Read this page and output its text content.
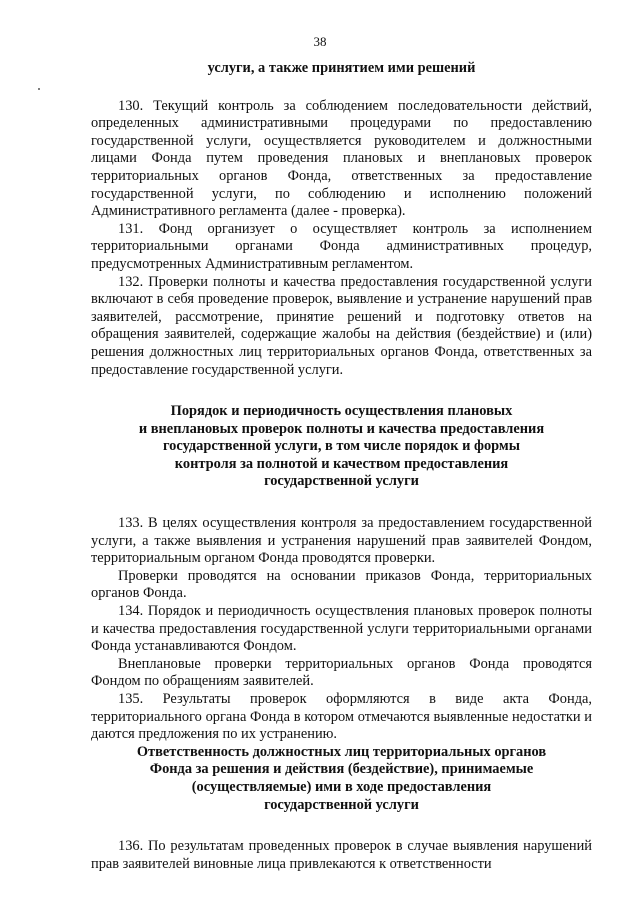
38

услуги, а также принятием ими решений

130. Текущий контроль за соблюдением последовательности действий, определенных административными процедурами по предоставлению государственной услуги, осуществляется руководителем и должностными лицами Фонда путем проведения плановых и внеплановых проверок территориальных органов Фонда, ответственных за предоставление государственной услуги, по соблюдению и исполнению положений Административного регламента (далее - проверка).

131. Фонд организует о осуществляет контроль за исполнением территориальными органами Фонда административных процедур, предусмотренных Административным регламентом.

132. Проверки полноты и качества предоставления государственной услуги включают в себя проведение проверок, выявление и устранение нарушений прав заявителей, рассмотрение, принятие решений и подготовку ответов на обращения заявителей, содержащие жалобы на действия (бездействие) и (или) решения должностных лиц территориальных органов Фонда, ответственных за предоставление государственной услуги.

Порядок и периодичность осуществления плановых

и внеплановых проверок полноты и качества предоставления

государственной услуги, в том числе порядок и формы

контроля за полнотой и качеством предоставления

государственной услуги

133. В целях осуществления контроля за предоставлением государственной услуги, а также выявления и устранения нарушений прав заявителей Фондом, территориальным органом Фонда проводятся проверки.

Проверки проводятся на основании приказов Фонда, территориальных органов Фонда.

134. Порядок и периодичность осуществления плановых проверок полноты и качества предоставления государственной услуги территориальными органами Фонда устанавливаются Фондом.

Внеплановые проверки территориальных органов Фонда проводятся Фондом по обращениям заявителей.

135. Результаты проверок оформляются в виде акта Фонда, территориального органа Фонда в котором отмечаются выявленные недостатки и даются предложения по их устранению.

Ответственность должностных лиц территориальных органов

Фонда за решения и действия (бездействие), принимаемые

(осуществляемые) ими в ходе предоставления

государственной услуги

136. По результатам проведенных проверок в случае выявления нарушений прав заявителей виновные лица привлекаются к ответственности
